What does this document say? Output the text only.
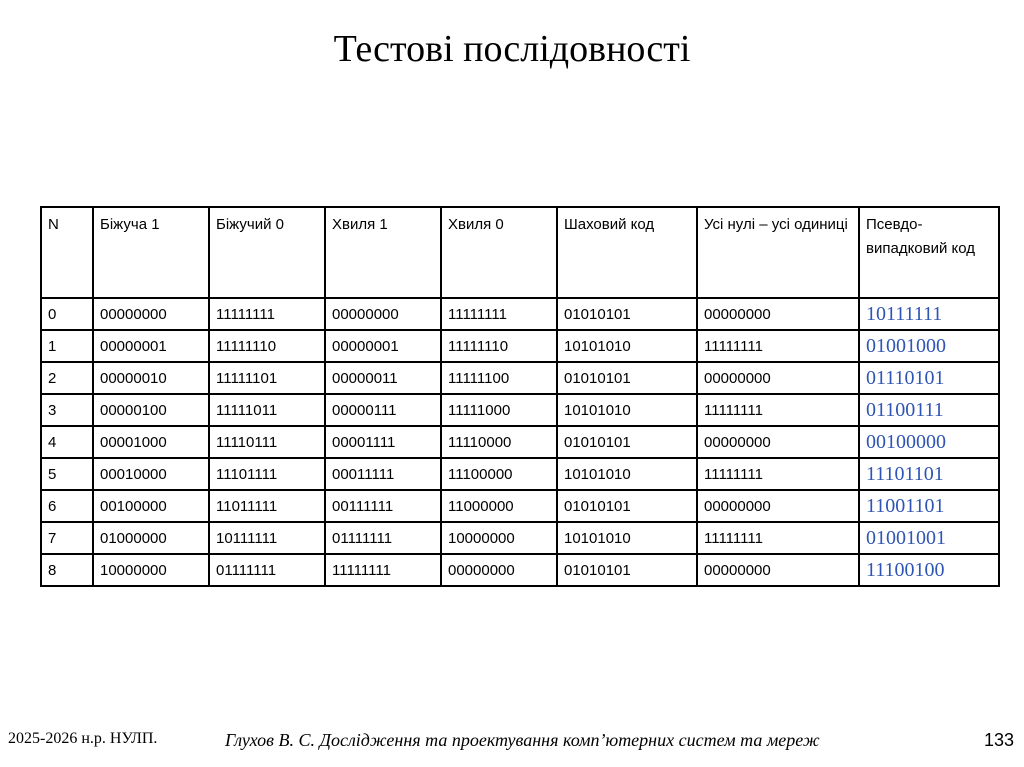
Тестові послідовності
N	Біжуча 1	Біжучий 0	Хвиля 1	Хвиля 0	Шаховий код	Усі нулі – усі одиниці	Псевдо-випадковий код
0	00000000	11111111	00000000	11111111	01010101	00000000	10111111
1	00000001	11111110	00000001	11111110	10101010	11111111	01001000
2	00000010	11111101	00000011	11111100	01010101	00000000	01110101
3	00000100	11111011	00000111	11111000	10101010	11111111	01100111
4	00001000	11110111	00001111	11110000	01010101	00000000	00100000
5	00010000	11101111	00011111	11100000	10101010	11111111	11101101
6	00100000	11011111	00111111	11000000	01010101	00000000	11001101
7	01000000	10111111	01111111	10000000	10101010	11111111	01001001
8	10000000	01111111	11111111	00000000	01010101	00000000	11100100
2025-2026 н.р. НУЛП.	Глухов В. С. Дослідження та проектування комп’ютерних систем та мереж	133
